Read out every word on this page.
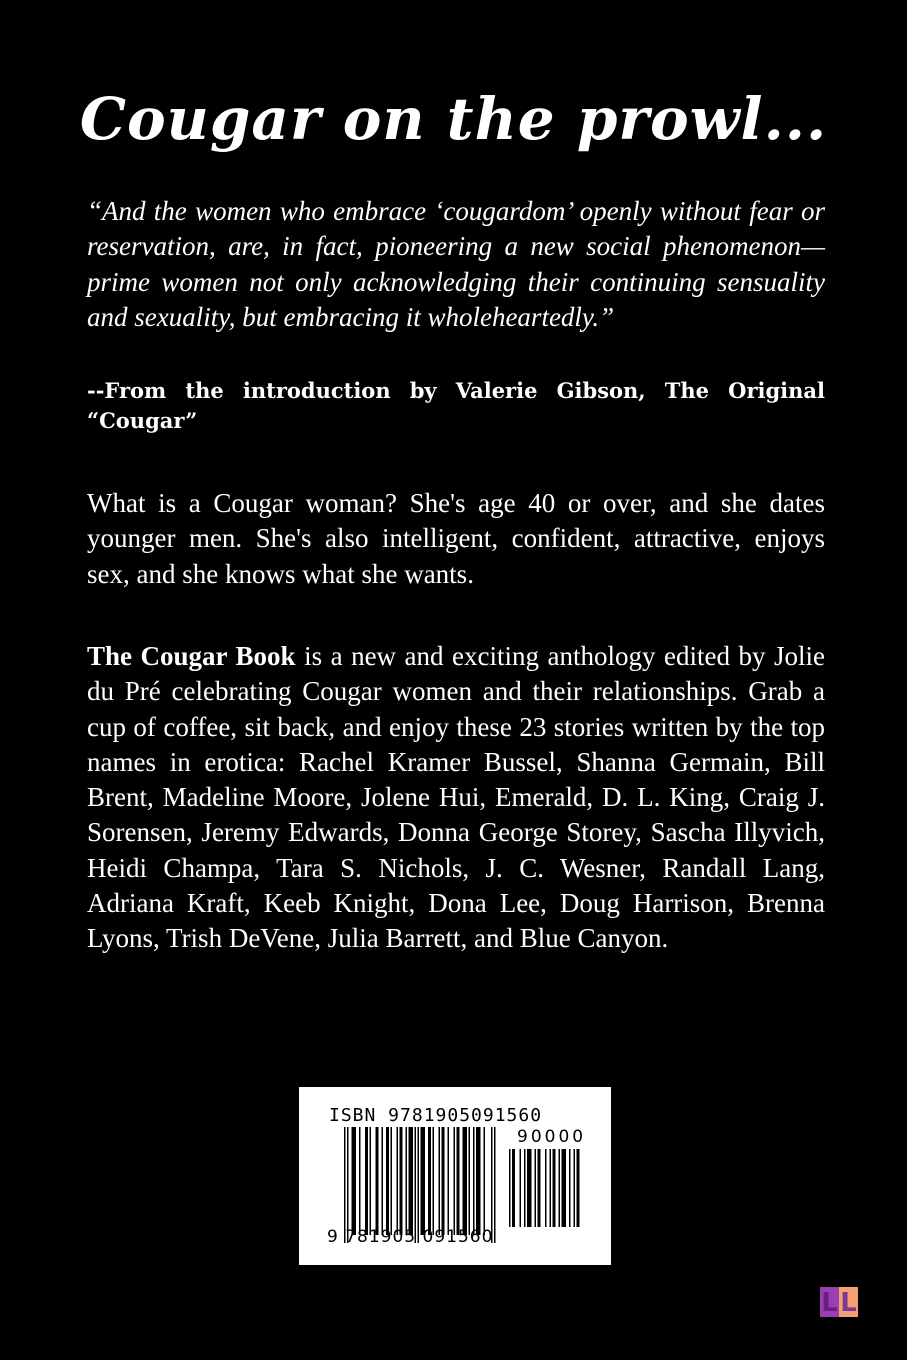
Cougar on the prowl...
“And the women who embrace ‘cougardom’ openly without fear or reservation, are, in fact, pioneering a new social phenomenon—prime women not only acknowledging their continuing sensuality and sexuality, but embracing it wholeheartedly.”
--From the introduction by Valerie Gibson, The Original “Cougar”
What is a Cougar woman? She's age 40 or over, and she dates younger men. She's also intelligent, confident, attractive, enjoys sex, and she knows what she wants.
The Cougar Book is a new and exciting anthology edited by Jolie du Pré celebrating Cougar women and their relationships. Grab a cup of coffee, sit back, and enjoy these 23 stories written by the top names in erotica: Rachel Kramer Bussel, Shanna Germain, Bill Brent, Madeline Moore, Jolene Hui, Emerald, D. L. King, Craig J. Sorensen, Jeremy Edwards, Donna George Storey, Sascha Illyvich, Heidi Champa, Tara S. Nichols, J. C. Wesner, Randall Lang, Adriana Kraft, Keeb Knight, Dona Lee, Doug Harrison, Brenna Lyons, Trish DeVene, Julia Barrett, and Blue Canyon.
ISBN 9781905091560
90000
9 781905 091560
L L
